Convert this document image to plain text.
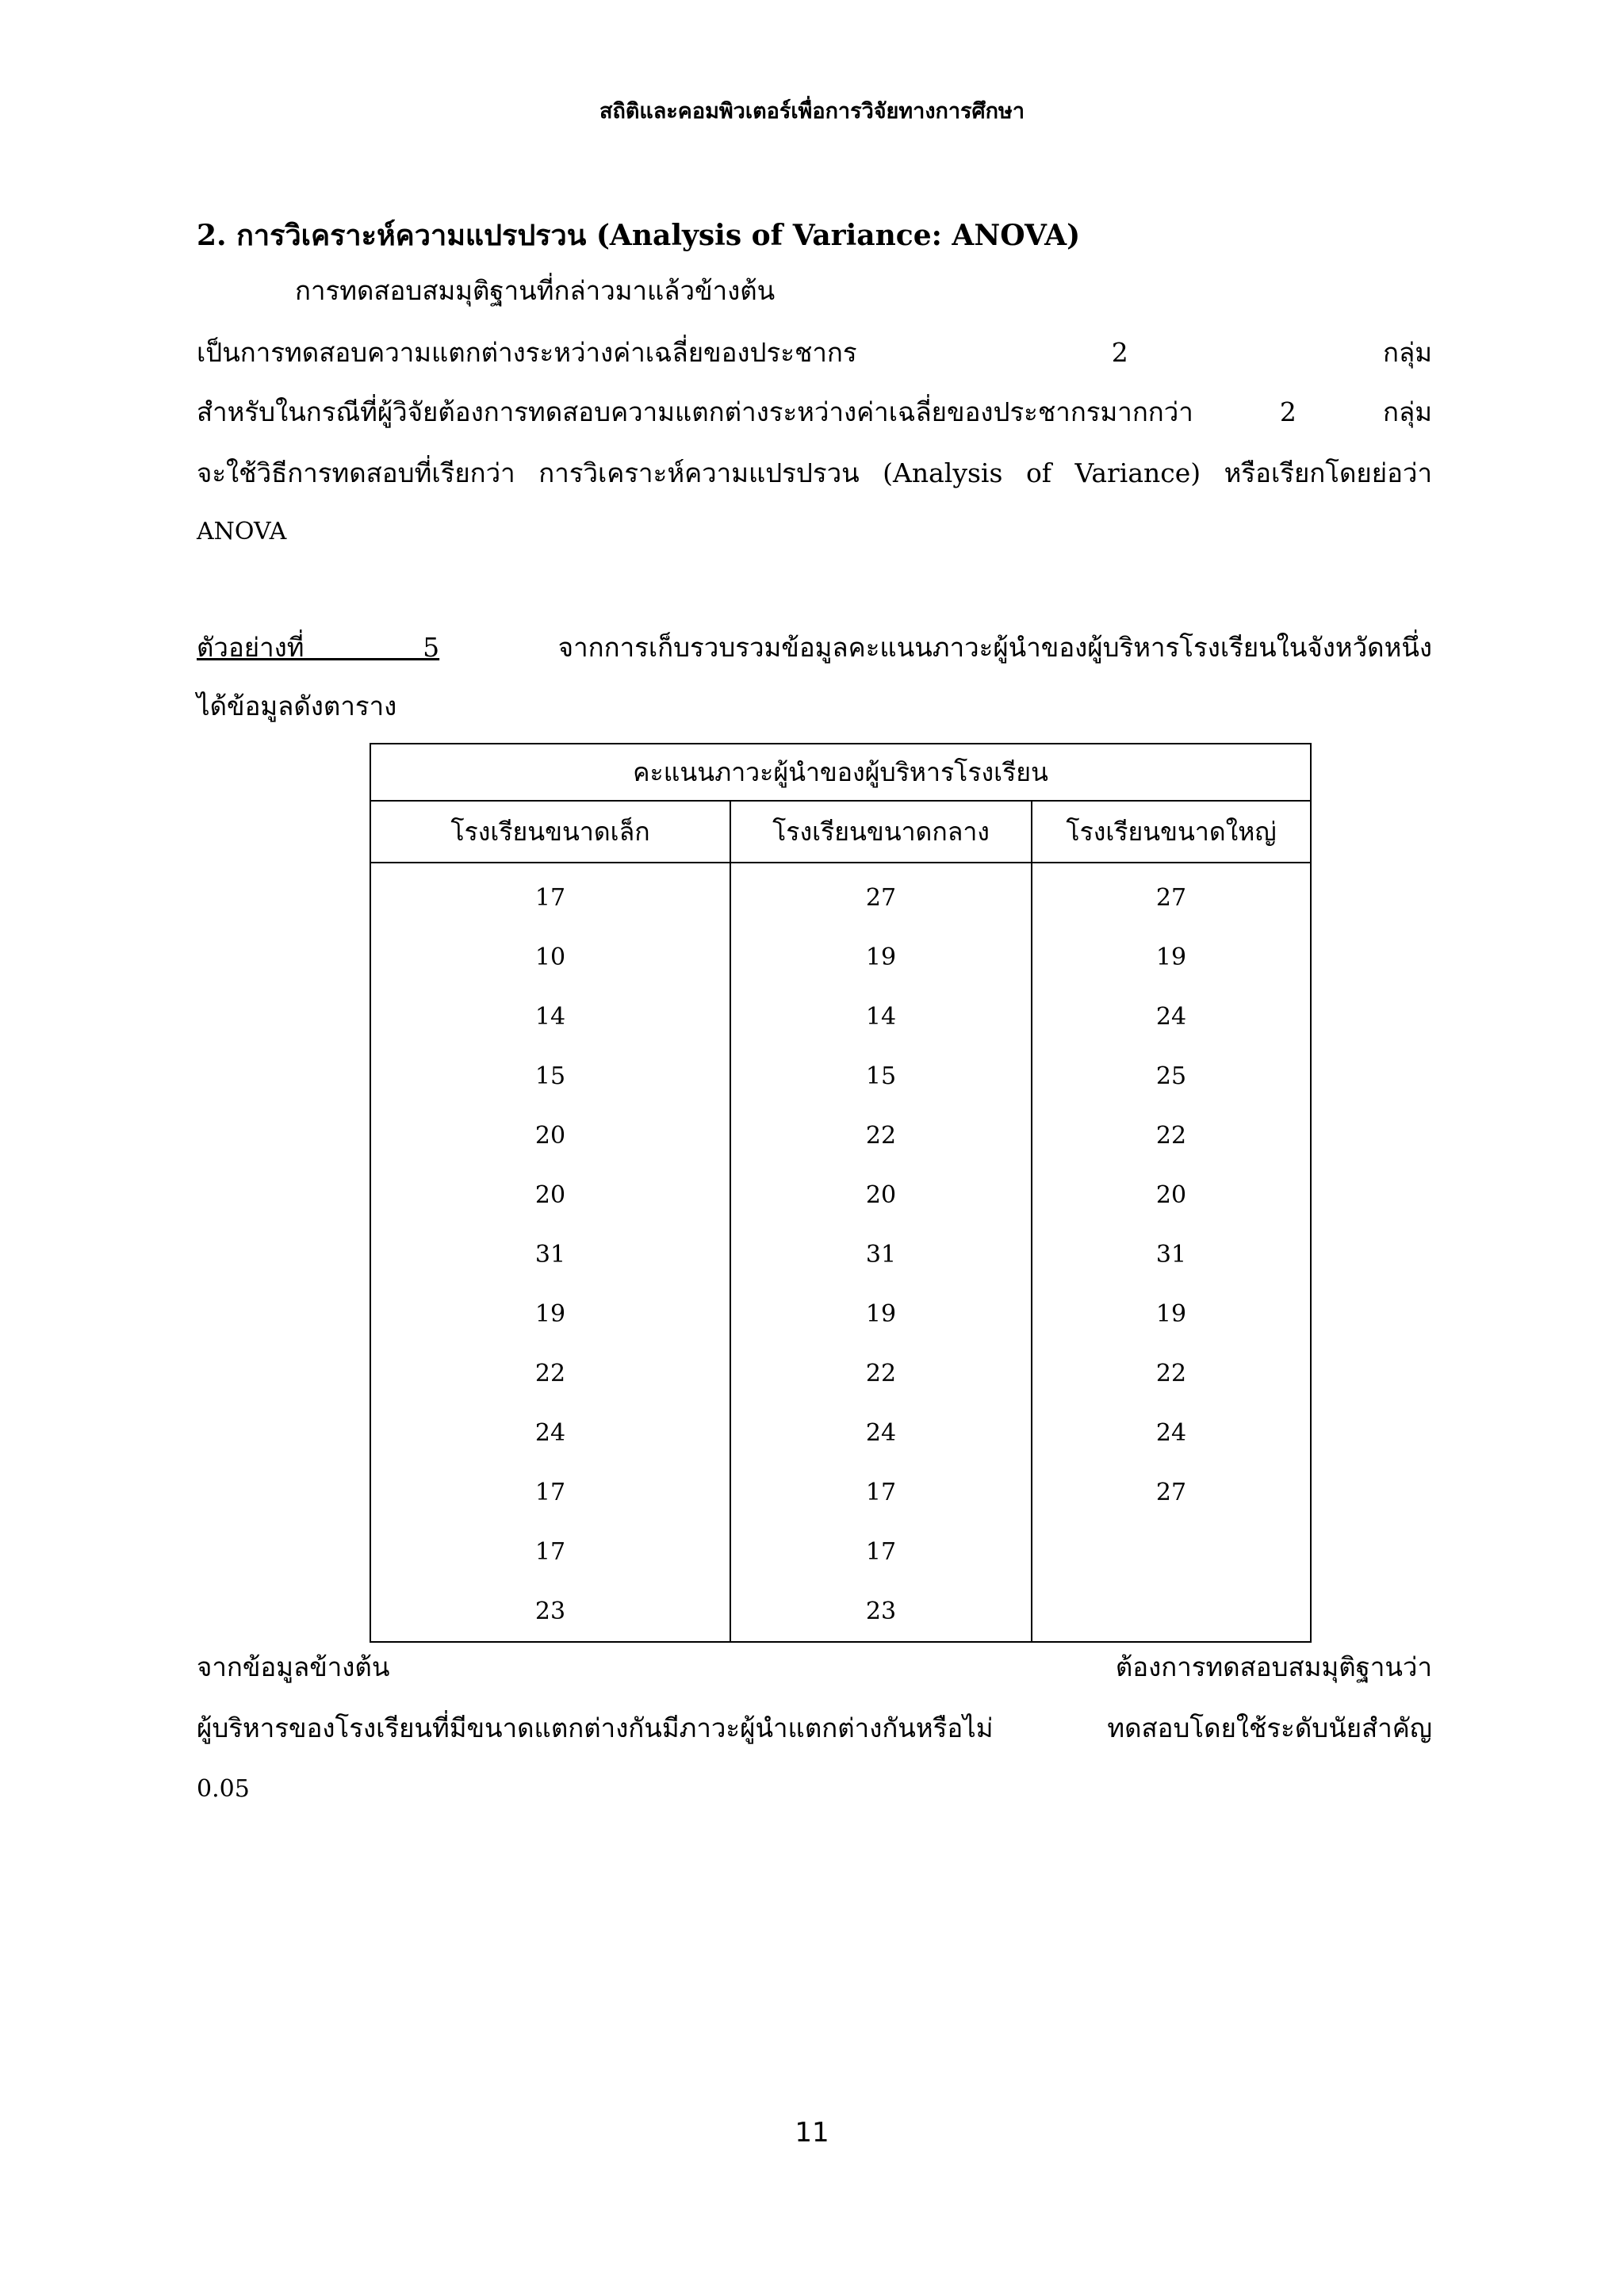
สถิติและคอมพิวเตอร์เพื่อการวิจัยทางการศึกษา
2. การวิเคราะห์ความแปรปรวน (Analysis of Variance: ANOVA)
การทดสอบสมมุติฐานที่กล่าวมาแล้วข้างต้น
เป็นการทดสอบความแตกต่างระหว่างค่าเฉลี่ยของประชากร 2 กลุ่ม
สำหรับในกรณีที่ผู้วิจัยต้องการทดสอบความแตกต่างระหว่างค่าเฉลี่ยของประชากรมากกว่า 2 กลุ่ม
จะใช้วิธีการทดสอบที่เรียกว่า การวิเคราะห์ความแปรปรวน (Analysis of Variance) หรือเรียกโดยย่อว่า
ANOVA
ตัวอย่างที่ 5 จากการเก็บรวบรวมข้อมูลคะแนนภาวะผู้นำของผู้บริหารโรงเรียนในจังหวัดหนึ่ง
ได้ข้อมูลดังตาราง
คะแนนภาวะผู้นำของผู้บริหารโรงเรียน		
โรงเรียนขนาดเล็ก	โรงเรียนขนาดกลาง	โรงเรียนขนาดใหญ่
17	27	27
10	19	19
14	14	24
15	15	25
20	22	22
20	20	20
31	31	31
19	19	19
22	22	22
24	24	24
17	17	27
17	17	
23	23	
จากข้อมูลข้างต้น ต้องการทดสอบสมมุติฐานว่า
ผู้บริหารของโรงเรียนที่มีขนาดแตกต่างกันมีภาวะผู้นำแตกต่างกันหรือไม่ ทดสอบโดยใช้ระดับนัยสำคัญ
0.05
11
